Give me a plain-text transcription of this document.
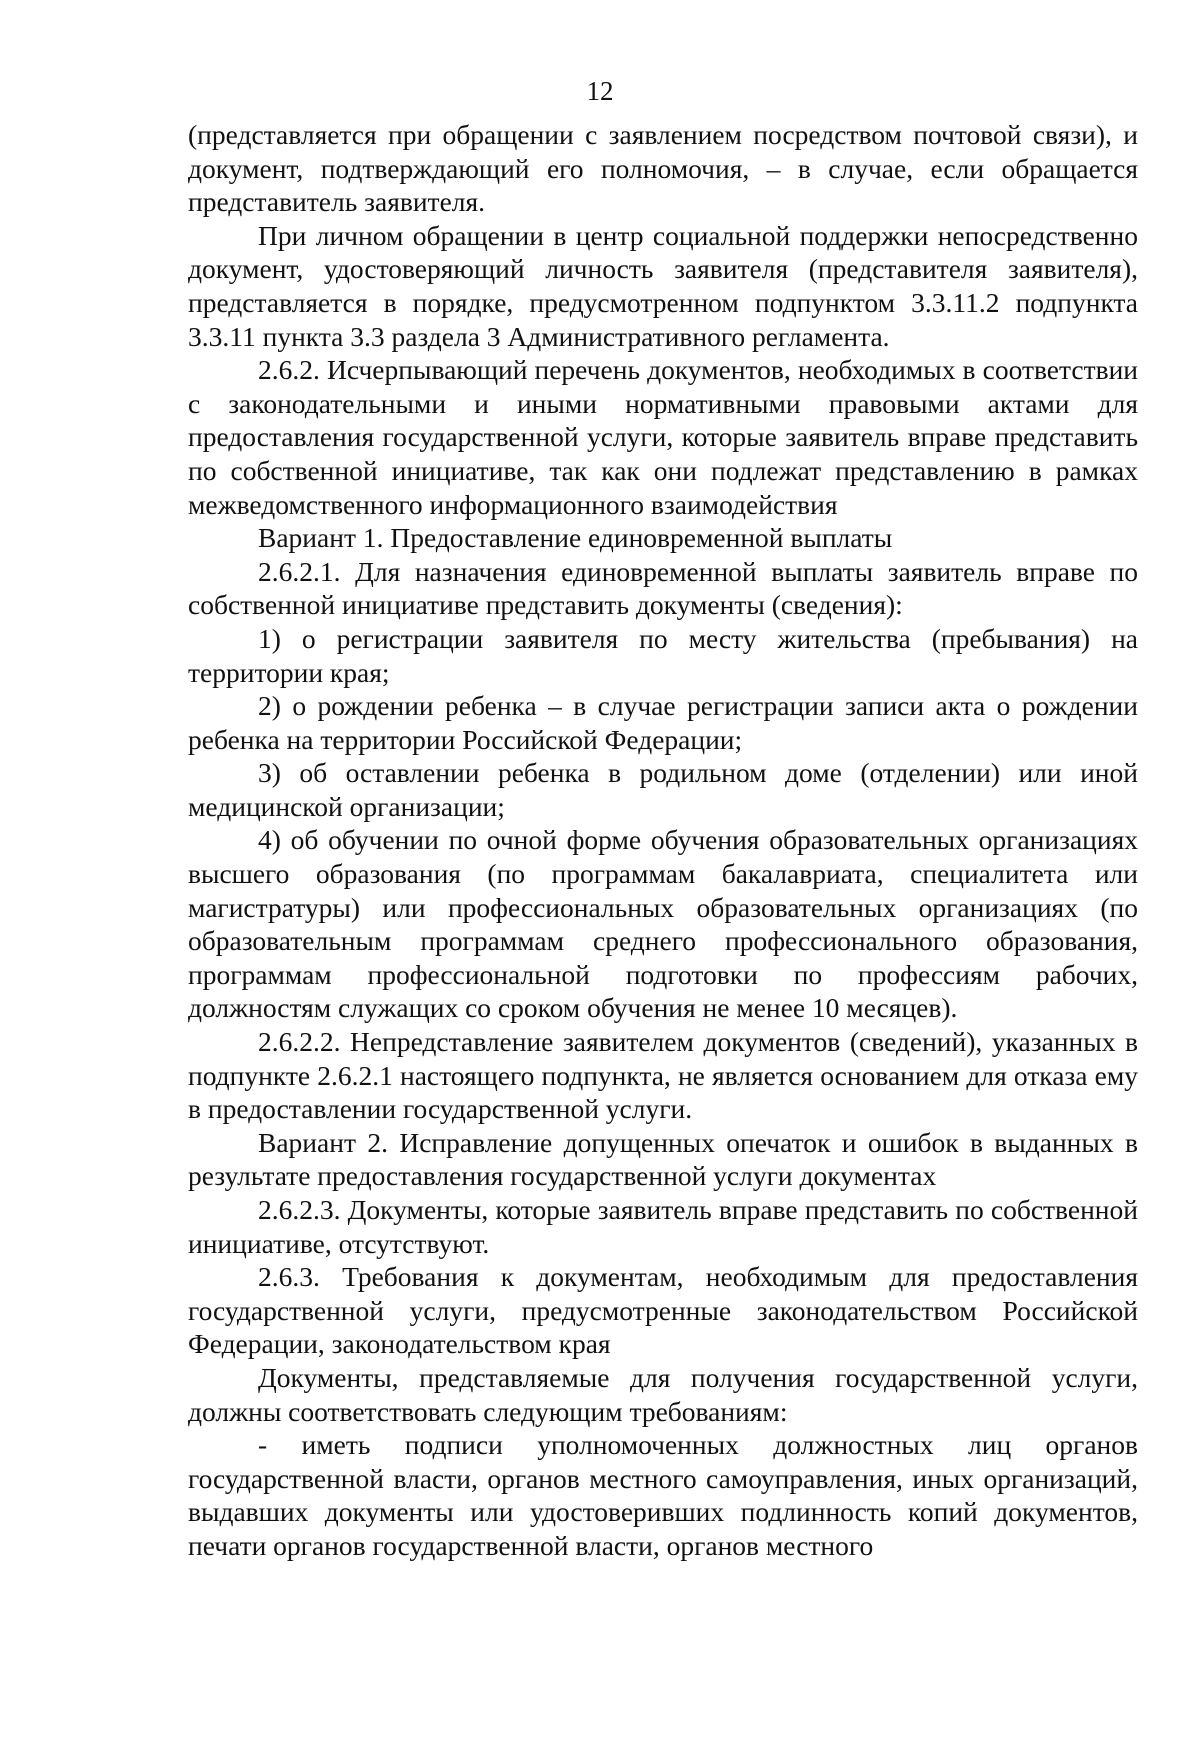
12

(представляется при обращении с заявлением посредством почтовой связи), и документ, подтверждающий его полномочия, – в случае, если обращается представитель заявителя.

При личном обращении в центр социальной поддержки непосредственно документ, удостоверяющий личность заявителя (представителя заявителя), представляется в порядке, предусмотренном подпунктом 3.3.11.2 подпункта 3.3.11 пункта 3.3 раздела 3 Административного регламента.

2.6.2. Исчерпывающий перечень документов, необходимых в соответствии с законодательными и иными нормативными правовыми актами для предоставления государственной услуги, которые заявитель вправе представить по собственной инициативе, так как они подлежат представлению в рамках межведомственного информационного взаимодействия

Вариант 1. Предоставление единовременной выплаты

2.6.2.1. Для назначения единовременной выплаты заявитель вправе по собственной инициативе представить документы (сведения):

1) о регистрации заявителя по месту жительства (пребывания) на территории края;

2) о рождении ребенка – в случае регистрации записи акта о рождении ребенка на территории Российской Федерации;

3) об оставлении ребенка в родильном доме (отделении) или иной медицинской организации;

4) об обучении по очной форме обучения образовательных организациях высшего образования (по программам бакалавриата, специалитета или магистратуры) или профессиональных образовательных организациях (по образовательным программам среднего профессионального образования, программам профессиональной подготовки по профессиям рабочих, должностям служащих со сроком обучения не менее 10 месяцев).

2.6.2.2. Непредставление заявителем документов (сведений), указанных в подпункте 2.6.2.1 настоящего подпункта, не является основанием для отказа ему в предоставлении государственной услуги.

Вариант 2. Исправление допущенных опечаток и ошибок в выданных в результате предоставления государственной услуги документах

2.6.2.3. Документы, которые заявитель вправе представить по собственной инициативе, отсутствуют.

2.6.3. Требования к документам, необходимым для предоставления государственной услуги, предусмотренные законодательством Российской Федерации, законодательством края

Документы, представляемые для получения государственной услуги, должны соответствовать следующим требованиям:

- иметь подписи уполномоченных должностных лиц органов государственной власти, органов местного самоуправления, иных организаций, выдавших документы или удостоверивших подлинность копий документов, печати органов государственной власти, органов местного
